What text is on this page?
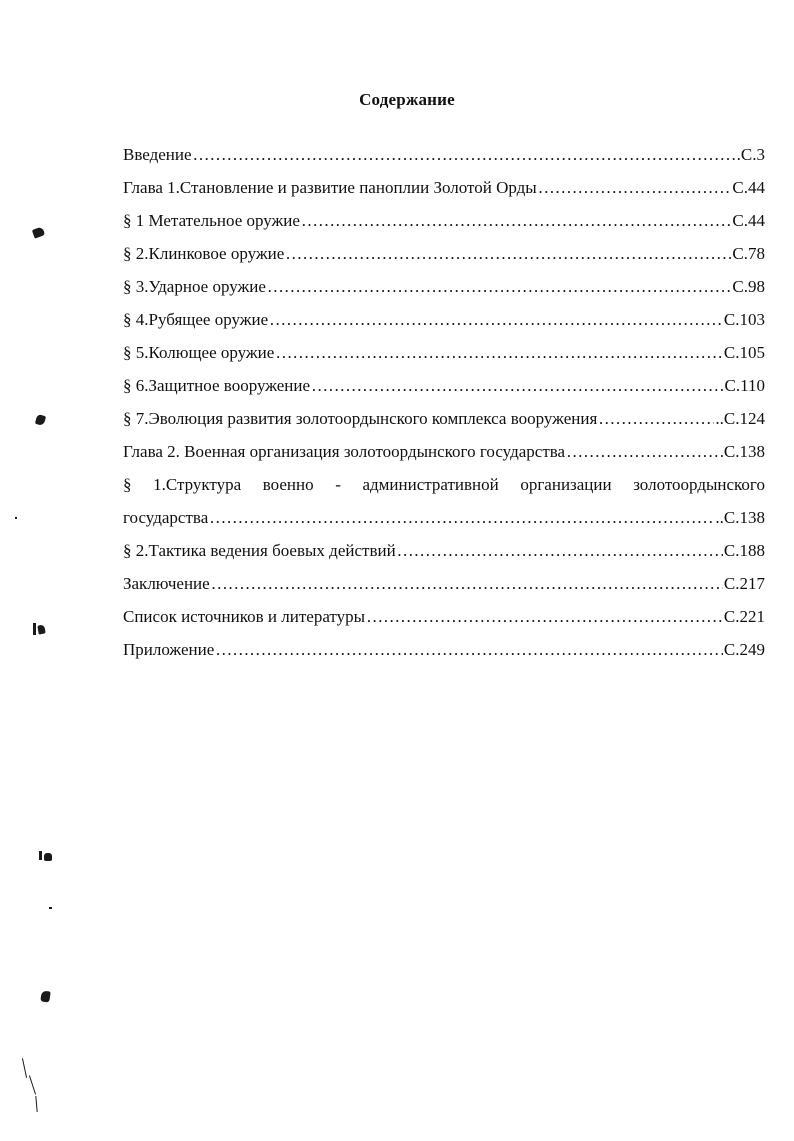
Содержание
Введение ………………………………………………………………………………………………………………………………………………………………………………………………	.С.3
Глава 1.Становление и развитие паноплии Золотой Орды ………………………………………………………………………………………………………………………………………………………………………………………………	С.44
§ 1 Метательное оружие ………………………………………………………………………………………………………………………………………………………………………………………………	С.44
§ 2.Клинковое оружие ………………………………………………………………………………………………………………………………………………………………………………………………	С.78
§ 3.Ударное оружие ………………………………………………………………………………………………………………………………………………………………………………………………	С.98
§ 4.Рубящее оружие ………………………………………………………………………………………………………………………………………………………………………………………………	С.103
§ 5.Колющее оружие ………………………………………………………………………………………………………………………………………………………………………………………………	С.105
§ 6.Защитное вооружение ………………………………………………………………………………………………………………………………………………………………………………………………	С.110
§ 7.Эволюция развития золотоордынского комплекса вооружения ………………………………………………………………………………………………………………………………………………………………………………………………	..С.124
Глава 2. Военная организация золотоордынского государства ………………………………………………………………………………………………………………………………………………………………………………………………	С.138
§ 1.Структура военно - административной организации золотоордынского
государства ………………………………………………………………………………………………………………………………………………………………………………………………	..С.138
§ 2.Тактика ведения боевых действий ………………………………………………………………………………………………………………………………………………………………………………………………	С.188
Заключение ………………………………………………………………………………………………………………………………………………………………………………………………	С.217
Список источников и литературы ………………………………………………………………………………………………………………………………………………………………………………………………	С.221
Приложение ………………………………………………………………………………………………………………………………………………………………………………………………	С.249
